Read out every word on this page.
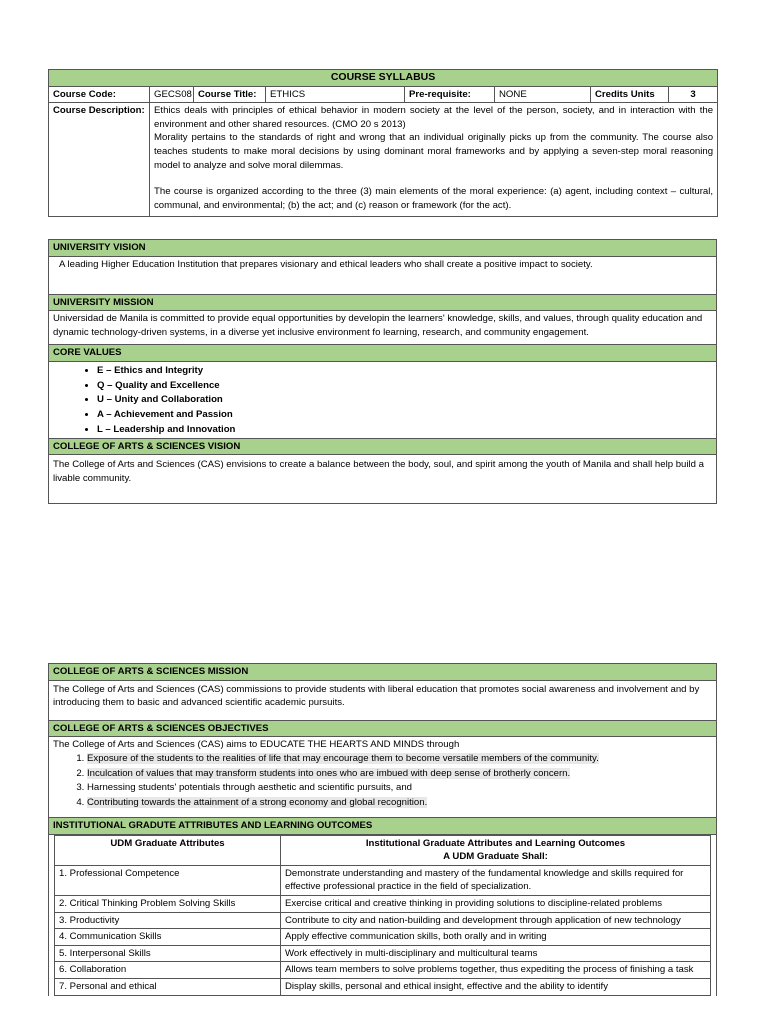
COURSE SYLLABUS							
Course Code:	GECS08	Course Title:	ETHICS	Pre-requisite:	NONE	Credits Units	3
Course Description:	Ethics deals with principles of ethical behavior in modern society at the level of the person, society, and in interaction with the environment and other shared resources. (CMO 20 s 2013)

Morality pertains to the standards of right and wrong that an individual originally picks up from the community. The course also teaches students to make moral decisions by using dominant moral frameworks and by applying a seven-step moral reasoning model to analyze and solve moral dilemmas.

The course is organized according to the three (3) main elements of the moral experience: (a) agent, including context – cultural, communal, and environmental; (b) the act; and (c) reason or framework (for the act).						

UNIVERSITY VISION
A leading Higher Education Institution that prepares visionary and ethical leaders who shall create a positive impact to society.
UNIVERSITY MISSION
Universidad de Manila is committed to provide equal opportunities by developin the learners' knowledge, skills, and values, through quality education and dynamic technology-driven systems, in a diverse yet inclusive environment fo learning, research, and community engagement.
CORE VALUES

• E – Ethics and Integrity
• Q – Quality and Excellence
• U – Unity and Collaboration
• A – Achievement and Passion
• L – Leadership and Innovation

COLLEGE OF ARTS & SCIENCES VISION
The College of Arts and Sciences (CAS) envisions to create a balance between the body, soul, and spirit among the youth of Manila and shall help build a livable community.
COLLEGE OF ARTS & SCIENCES MISSION
The College of Arts and Sciences (CAS) commissions to provide students with liberal education that promotes social awareness and involvement and by introducing them to basic and advanced scientific academic pursuits.
COLLEGE OF ARTS & SCIENCES OBJECTIVES

The College of Arts and Sciences (CAS) aims to EDUCATE THE HEARTS AND MINDS through

1. Exposure of the students to the realities of life that may encourage them to become versatile members of the community.
2. Inculcation of values that may transform students into ones who are imbued with deep sense of brotherly concern.
3. Harnessing students' potentials through aesthetic and scientific pursuits, and
4. Contributing towards the attainment of a strong economy and global recognition.

INSTITUTIONAL GRADUTE ATTRIBUTES AND LEARNING OUTCOMES

UDM Graduate Attributes	Institutional Graduate Attributes and Learning Outcomes
A UDM Graduate Shall:

1. Professional Competence	Demonstrate understanding and mastery of the fundamental knowledge and skills required for effective professional practice in the field of specialization.
2. Critical Thinking Problem Solving Skills	Exercise critical and creative thinking in providing solutions to discipline-related problems
3. Productivity	Contribute to city and nation-building and development through application of new technology
4. Communication Skills	Apply effective communication skills, both orally and in writing
5. Interpersonal Skills	Work effectively in multi-disciplinary and multicultural teams
6. Collaboration	Allows team members to solve problems together, thus expediting the process of finishing a task
7. Personal and ethical	Display skills, personal and ethical insight, effective and the ability to identify
